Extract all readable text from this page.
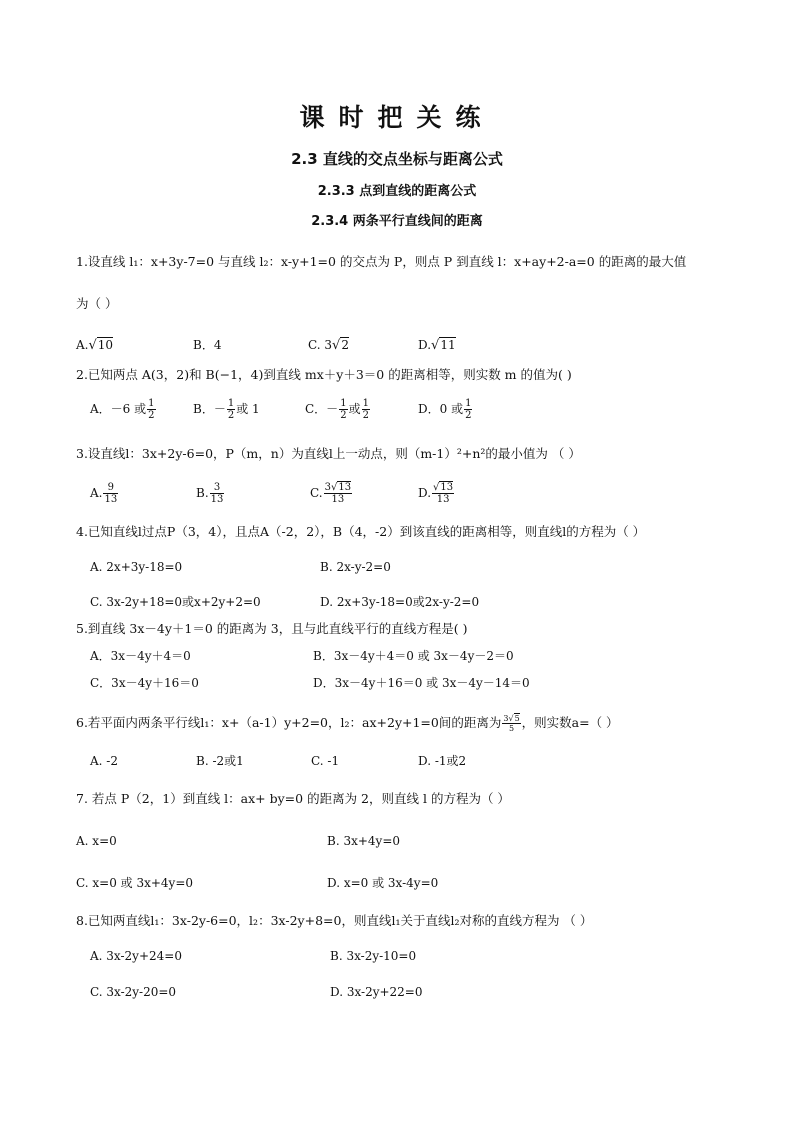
课时把关练
2.3 直线的交点坐标与距离公式
2.3.3 点到直线的距离公式
2.3.4 两条平行直线间的距离
1.设直线 l₁：x+3y-7=0 与直线 l₂：x-y+1=0 的交点为 P，则点 P 到直线 l：x+ay+2-a=0 的距离的最大值
为（ ）
A.√10	B．4	C. 3√2	D.√11
2.已知两点 A(3，2)和 B(−1，4)到直线 mx＋y＋3＝0 的距离相等，则实数 m 的值为( )
A．－6 或 $\frac{1}{2}$	B．－ $\frac{1}{2}$ 或 1	C．－ $\frac{1}{2}$ 或 $\frac{1}{2}$	D．0 或 $\frac{1}{2}$
3.设直线l：3x+2y-6=0，P（m，n）为直线l上一动点，则（m-1）²+n²的最小值为 （ ）
A. $\frac{9}{13}$	B. $\frac{3}{13}$	C. $\frac{3√13}{13}$	D. $\frac{√13}{13}$
4.已知直线l过点P（3，4），且点A（-2，2），B（4，-2）到该直线的距离相等，则直线l的方程为（ ）
A. 2x+3y-18=0	B. 2x-y-2=0
C. 3x-2y+18=0或x+2y+2=0	D. 2x+3y-18=0或2x-y-2=0
5.到直线 3x－4y＋1＝0 的距离为 3，且与此直线平行的直线方程是( )
A．3x－4y＋4＝0	B．3x－4y＋4＝0 或 3x－4y－2＝0
C．3x－4y＋16＝0	D．3x－4y＋16＝0 或 3x－4y－14＝0
6.若平面内两条平行线l₁：x+（a-1）y+2=0，l₂：ax+2y+1=0间的距离为 $\frac{3√5}{5}$ ，则实数a=（ ）
A. -2	B. -2或1	C. -1	D. -1或2
7. 若点 P（2，1）到直线 l：ax+ by=0 的距离为 2，则直线 l 的方程为（ ）
A. x=0	B. 3x+4y=0
C. x=0 或 3x+4y=0	D. x=0 或 3x-4y=0
8.已知两直线l₁：3x-2y-6=0，l₂：3x-2y+8=0，则直线l₁关于直线l₂对称的直线方程为 （ ）
A. 3x-2y+24=0	B. 3x-2y-10=0
C. 3x-2y-20=0	D. 3x-2y+22=0
